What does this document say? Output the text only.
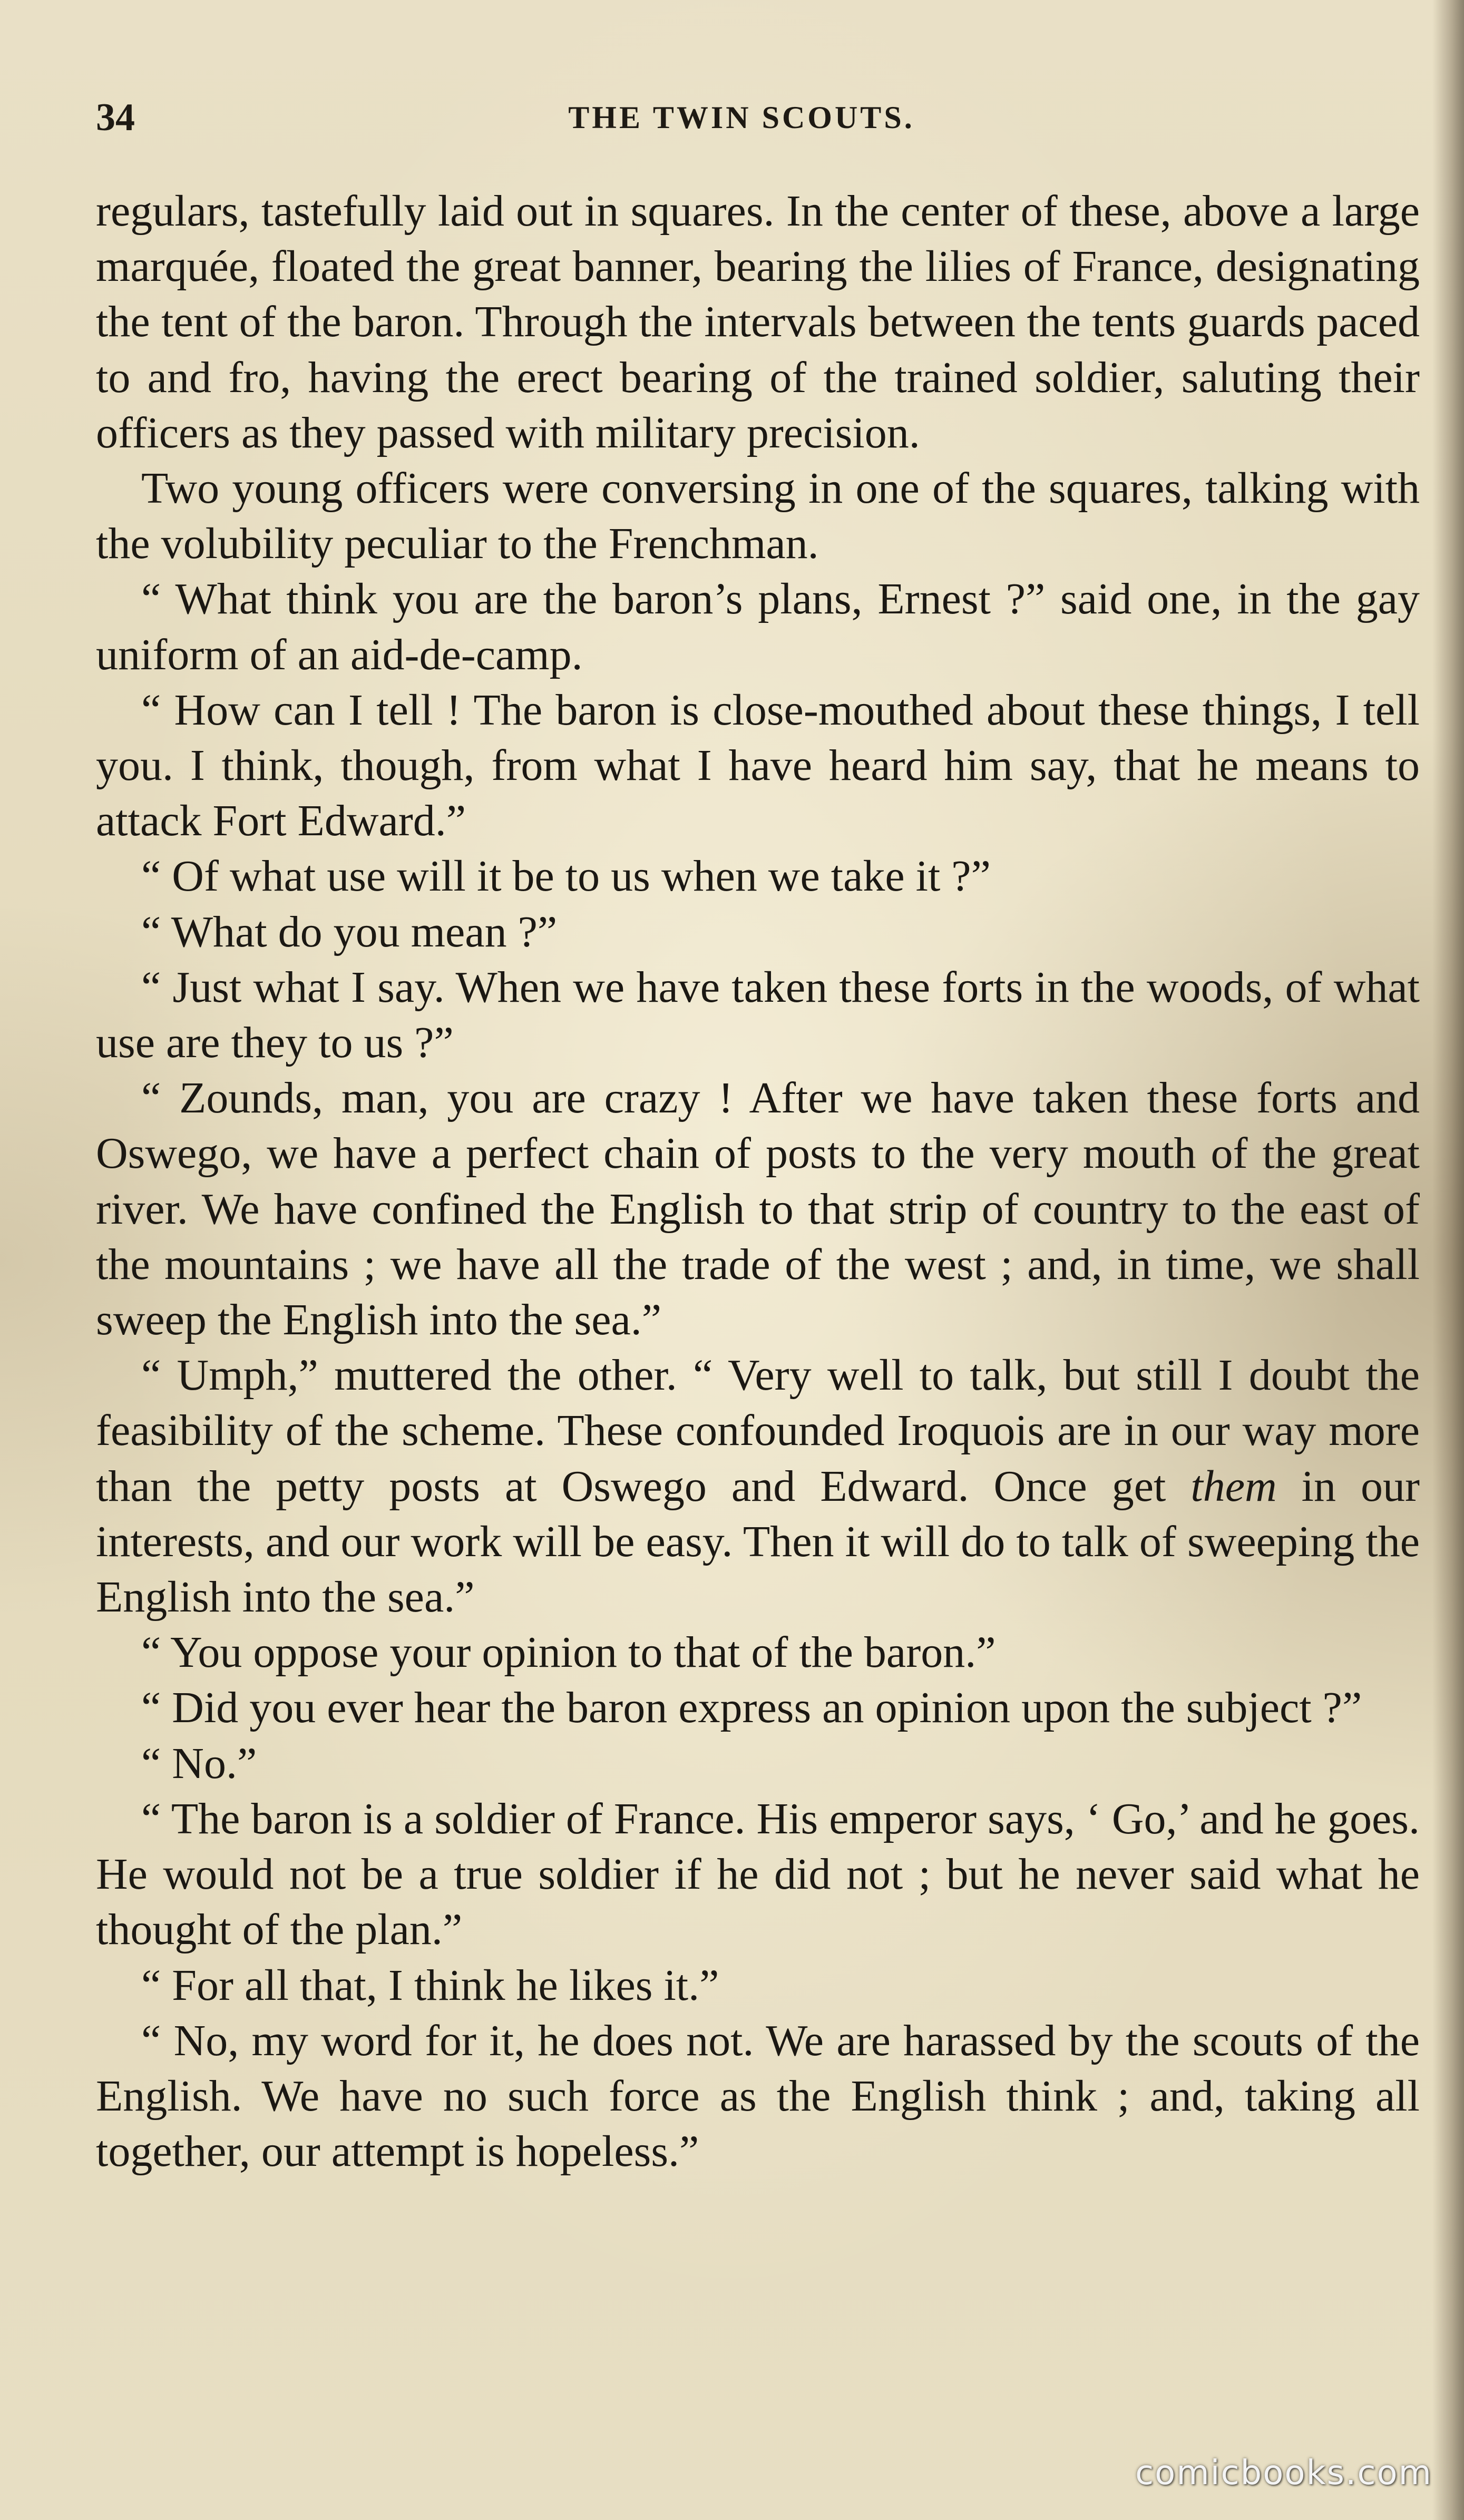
34	THE TWIN SCOUTS.

regulars, tastefully laid out in squares. In the center of these, above a large marquée, floated the great banner, bearing the lilies of France, designating the tent of the baron. Through the intervals between the tents guards paced to and fro, having the erect bearing of the trained soldier, saluting their officers as they passed with military precision.

Two young officers were conversing in one of the squares, talking with the volubility peculiar to the Frenchman.

“ What think you are the baron’s plans, Ernest ?” said one, in the gay uniform of an aid-de-camp.

“ How can I tell ! The baron is close-mouthed about these things, I tell you. I think, though, from what I have heard him say, that he means to attack Fort Edward.”

“ Of what use will it be to us when we take it ?”

“ What do you mean ?”

“ Just what I say. When we have taken these forts in the woods, of what use are they to us ?”

“ Zounds, man, you are crazy ! After we have taken these forts and Oswego, we have a perfect chain of posts to the very mouth of the great river. We have confined the English to that strip of country to the east of the mountains ; we have all the trade of the west ; and, in time, we shall sweep the English into the sea.”

“ Umph,” muttered the other. “ Very well to talk, but still I doubt the feasibility of the scheme. These confounded Iroquois are in our way more than the petty posts at Oswego and Edward. Once get them in our interests, and our work will be easy. Then it will do to talk of sweeping the English into the sea.”

“ You oppose your opinion to that of the baron.”

“ Did you ever hear the baron express an opinion upon the subject ?”

“ No.”

“ The baron is a soldier of France. His emperor says, ‘ Go,’ and he goes. He would not be a true soldier if he did not ; but he never said what he thought of the plan.”

“ For all that, I think he likes it.”

“ No, my word for it, he does not. We are harassed by the scouts of the English. We have no such force as the English think ; and, taking all together, our attempt is hopeless.”

comicbooks.com
